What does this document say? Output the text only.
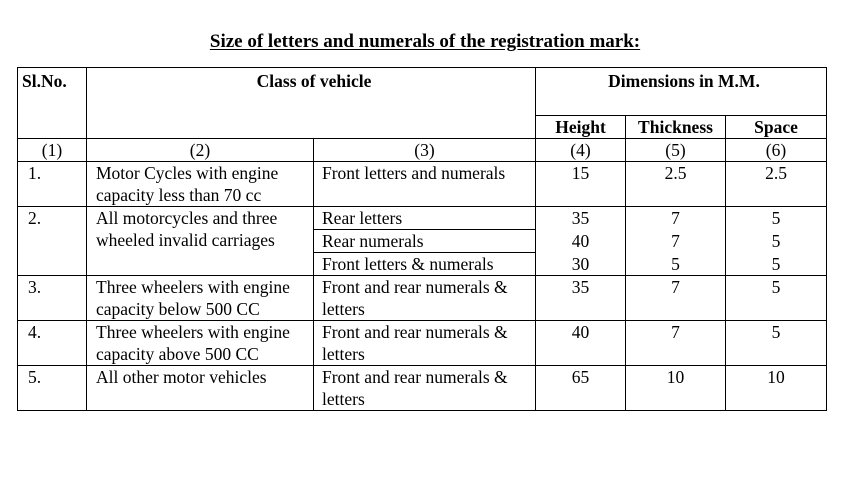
Size of letters and numerals of the registration mark:
Sl.No.	Class of vehicle		Dimensions in M.M.		
			Height	Thickness	Space
(1)	(2)	(3)	(4)	(5)	(6)
1.	Motor Cycles with engine capacity less than 70 cc	Front letters and numerals	15	2.5	2.5
2.	All motorcycles and three wheeled invalid carriages	Rear letters	35	7	5
		Rear numerals	40	7	5
		Front letters & numerals	30	5	5
3.	Three wheelers with engine capacity below 500 CC	Front and rear numerals & letters	35	7	5
4.	Three wheelers with engine capacity above 500 CC	Front and rear numerals & letters	40	7	5
5.	All other motor vehicles	Front and rear numerals & letters	65	10	10
